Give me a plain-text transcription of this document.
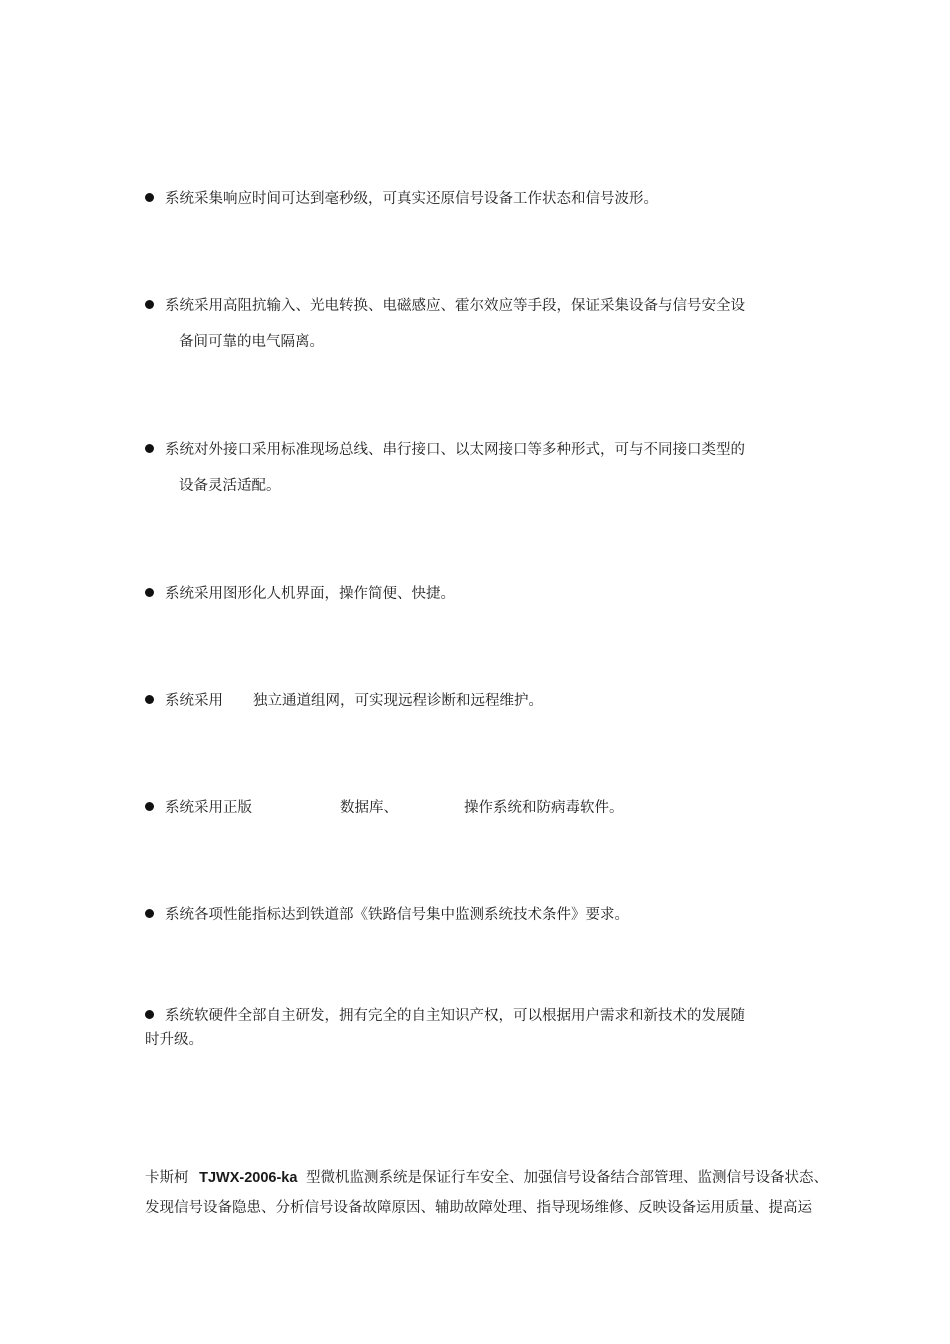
系统采集响应时间可达到毫秒级，可真实还原信号设备工作状态和信号波形。
系统采用高阻抗输入、光电转换、电磁感应、霍尔效应等手段，保证采集设备与信号安全设
备间可靠的电气隔离。
系统对外接口采用标准现场总线、串行接口、以太网接口等多种形式，可与不同接口类型的
设备灵活适配。
系统采用图形化人机界面，操作简便、快捷。
系统采用 独立通道组网，可实现远程诊断和远程维护。
系统采用正版	数据库、	操作系统和防病毒软件。
系统各项性能指标达到铁道部《铁路信号集中监测系统技术条件》要求。
系统软硬件全部自主研发，拥有完全的自主知识产权，可以根据用户需求和新技术的发展随
时升级。
卡斯柯 TJWX-2006-ka 型微机监测系统是保证行车安全、加强信号设备结合部管理、监测信号设备状态、
发现信号设备隐患、分析信号设备故障原因、辅助故障处理、指导现场维修、反映设备运用质量、提高运
